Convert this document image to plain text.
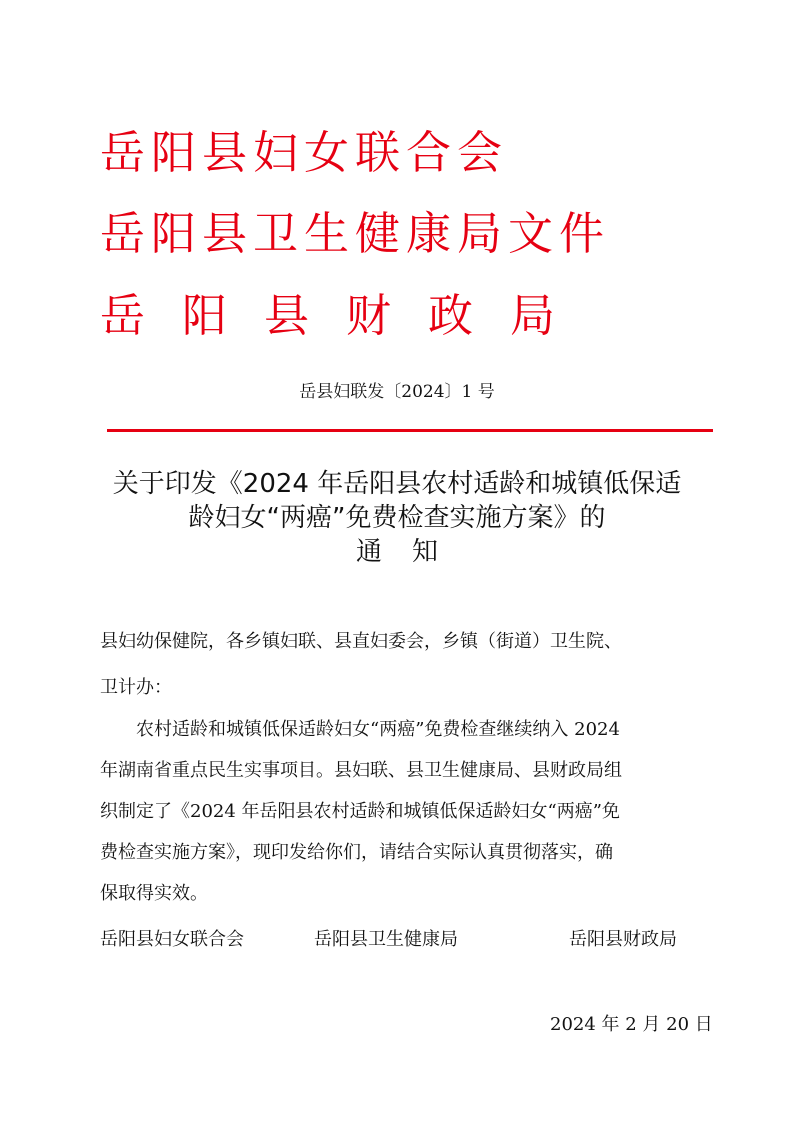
岳阳县妇女联合会
岳阳县卫生健康局文件
岳阳县财政局
岳县妇联发〔2024〕1 号
关于印发《2024 年岳阳县农村适龄和城镇低保适
龄妇女“两癌”免费检查实施方案》的
通知
县妇幼保健院，各乡镇妇联、县直妇委会，乡镇（街道）卫生院、
卫计办：
农村适龄和城镇低保适龄妇女“两癌”免费检查继续纳入 2024
年湖南省重点民生实事项目。县妇联、县卫生健康局、县财政局组
织制定了《2024 年岳阳县农村适龄和城镇低保适龄妇女“两癌”免
费检查实施方案》，现印发给你们，请结合实际认真贯彻落实，确
保取得实效。
岳阳县妇女联合会	岳阳县卫生健康局	岳阳县财政局
2024 年 2 月 20 日
